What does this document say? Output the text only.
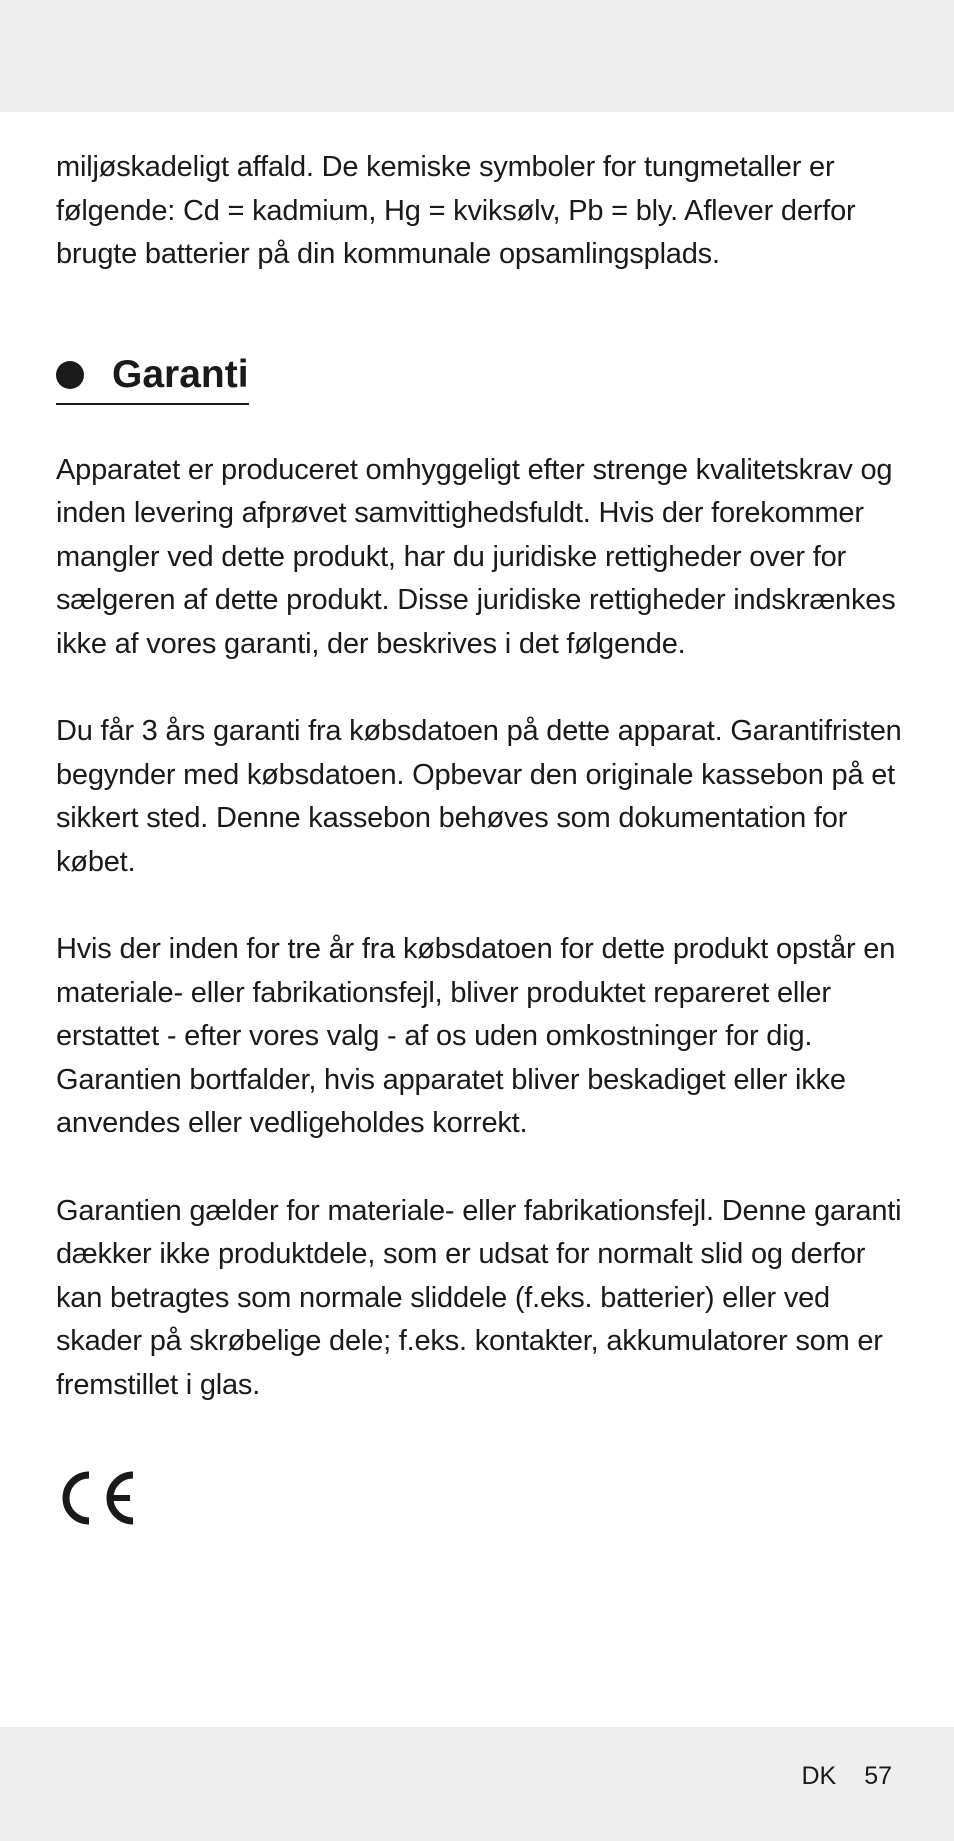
miljøskadeligt affald. De kemiske symboler for tungmetaller er følgende: Cd = kadmium, Hg = kviksølv, Pb = bly. Aflever derfor brugte batterier på din kommunale opsamlingsplads.

Garanti

Apparatet er produceret omhyggeligt efter strenge kvalitetskrav og inden levering afprøvet samvittighedsfuldt. Hvis der forekommer mangler ved dette produkt, har du juridiske rettigheder over for sælgeren af dette produkt. Disse juridiske rettigheder indskrænkes ikke af vores garanti, der beskrives i det følgende.

Du får 3 års garanti fra købsdatoen på dette apparat. Garantifristen begynder med købsdatoen. Opbevar den originale kassebon på et sikkert sted. Denne kassebon behøves som dokumentation for købet.

Hvis der inden for tre år fra købsdatoen for dette produkt opstår en materiale- eller fabrikationsfejl, bliver produktet repareret eller erstattet - efter vores valg - af os uden omkostninger for dig. Garantien bortfalder, hvis apparatet bliver beskadiget eller ikke anvendes eller vedligeholdes korrekt.

Garantien gælder for materiale- eller fabrikationsfejl. Denne garanti dækker ikke produktdele, som er udsat for normalt slid og derfor kan betragtes som normale sliddele (f.eks. batterier) eller ved skader på skrøbelige dele; f.eks. kontakter, akkumulatorer som er fremstillet i glas.

DK 57
